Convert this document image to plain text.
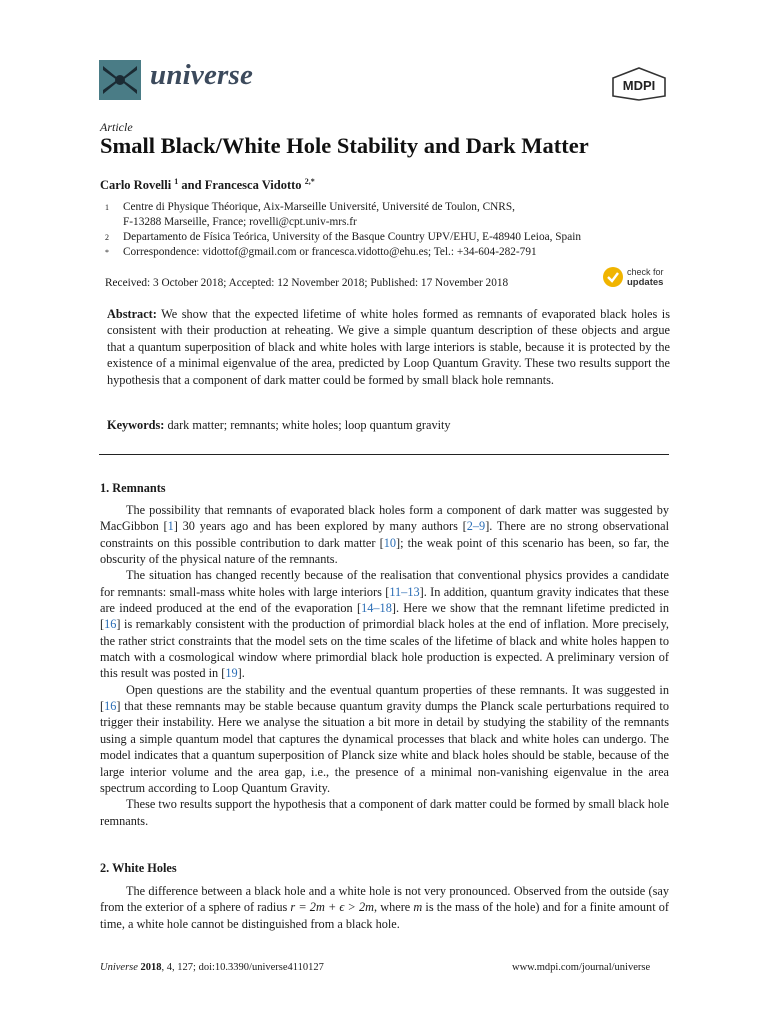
universe	MDPI
Article
Small Black/White Hole Stability and Dark Matter
Carlo Rovelli $^1$ and Francesca Vidotto $^{2,*}$
1 Centre di Physique Théorique, Aix-Marseille Université, Université de Toulon, CNRS,
F-13288 Marseille, France; rovelli@cpt.univ-mrs.fr
2 Departamento de Física Teórica, University of the Basque Country UPV/EHU, E-48940 Leioa, Spain
* Correspondence: vidottof@gmail.com or francesca.vidotto@ehu.es; Tel.: +34-604-282-791
Received: 3 October 2018; Accepted: 12 November 2018; Published: 17 November 2018
check for
updates
Abstract: We show that the expected lifetime of white holes formed as remnants of evaporated black holes is consistent with their production at reheating. We give a simple quantum description of these objects and argue that a quantum superposition of black and white holes with large interiors is stable, because it is protected by the existence of a minimal eigenvalue of the area, predicted by Loop Quantum Gravity. These two results support the hypothesis that a component of dark matter could be formed by small black hole remnants.
Keywords: dark matter; remnants; white holes; loop quantum gravity
1. Remnants

The possibility that remnants of evaporated black holes form a component of dark matter was suggested by MacGibbon [1] 30 years ago and has been explored by many authors [2–9]. There are no strong observational constraints on this possible contribution to dark matter [10]; the weak point of this scenario has been, so far, the obscurity of the physical nature of the remnants.

The situation has changed recently because of the realisation that conventional physics provides a candidate for remnants: small-mass white holes with large interiors [11–13]. In addition, quantum gravity indicates that these are indeed produced at the end of the evaporation [14–18]. Here we show that the remnant lifetime predicted in [16] is remarkably consistent with the production of primordial black holes at the end of inflation. More precisely, the rather strict constraints that the model sets on the time scales of the lifetime of black and white holes happen to match with a cosmological window where primordial black hole production is expected. A preliminary version of this result was posted in [19].

Open questions are the stability and the eventual quantum properties of these remnants. It was suggested in [16] that these remnants may be stable because quantum gravity dumps the Planck scale perturbations required to trigger their instability. Here we analyse the situation a bit more in detail by studying the stability of the remnants using a simple quantum model that captures the dynamical processes that black and white holes can undergo. The model indicates that a quantum superposition of Planck size white and black holes should be stable, because of the large interior volume and the area gap, i.e., the presence of a minimal non-vanishing eigenvalue in the area spectrum according to Loop Quantum Gravity.

These two results support the hypothesis that a component of dark matter could be formed by small black hole remnants.

2. White Holes

The difference between a black hole and a white hole is not very pronounced. Observed from the outside (say from the exterior of a sphere of radius r = 2m + ϵ > 2m, where m is the mass of the hole) and for a finite amount of time, a white hole cannot be distinguished from a black hole.

Universe 2018, 4, 127; doi:10.3390/universe4110127	www.mdpi.com/journal/universe
